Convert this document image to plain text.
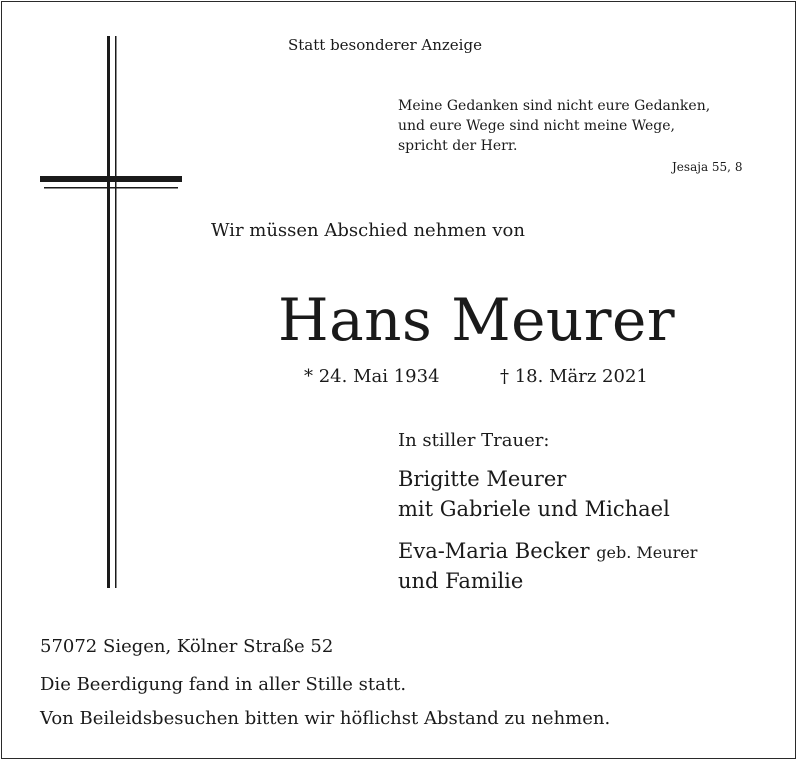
Statt besonderer Anzeige
Meine Gedanken sind nicht eure Gedanken,
und eure Wege sind nicht meine Wege,
spricht der Herr.
Jesaja 55, 8
Wir müssen Abschied nehmen von
Hans Meurer
* 24. Mai 1934	† 18. März 2021
In stiller Trauer:
Brigitte Meurer
mit Gabriele und Michael
Eva-Maria Becker geb. Meurer
und Familie
57072 Siegen, Kölner Straße 52
Die Beerdigung fand in aller Stille statt.
Von Beileidsbesuchen bitten wir höflichst Abstand zu nehmen.
